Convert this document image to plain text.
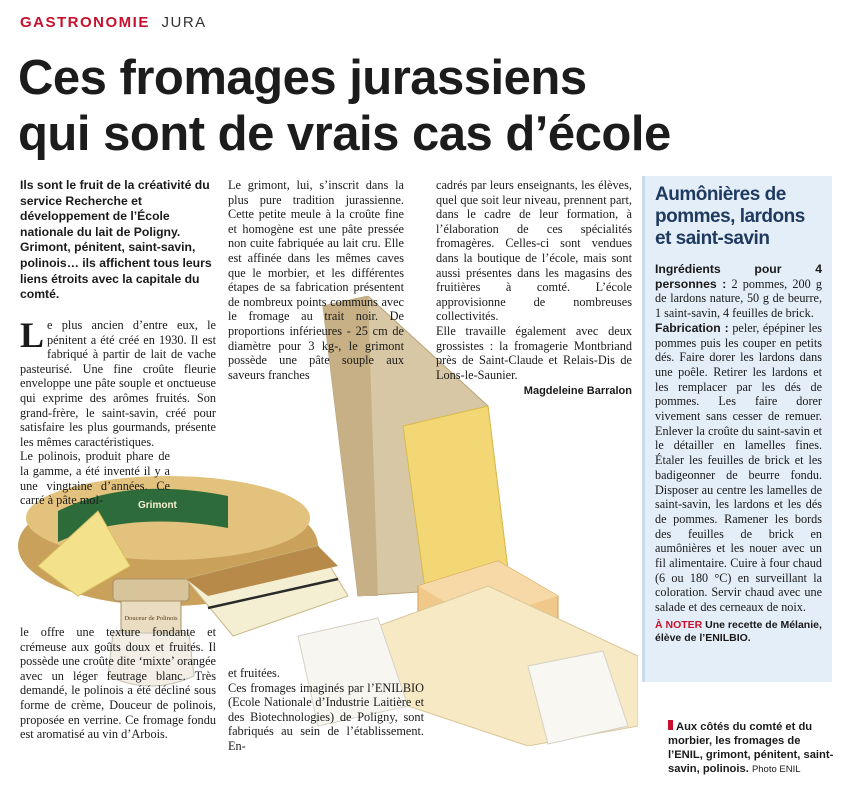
GASTRONOMIE JURA
Ces fromages jurassiens
qui sont de vrais cas d’école

Ils sont le fruit de la créativité du service Recherche et développement de l’École nationale du lait de Poligny. Grimont, pénitent, saint-savin, polinois… ils affichent tous leurs liens étroits avec la capitale du comté.

Grimont
Douceur de Polinois

Le plus ancien d’entre eux, le pénitent a été créé en 1930. Il est fabriqué à partir de lait de vache pasteurisé. Une fine croûte fleurie enveloppe une pâte souple et onctueuse qui exprime des arômes fruités. Son grand-frère, le saint-savin, créé pour satisfaire les plus gourmands, présente les mêmes caractéristiques.

Le polinois, produit phare de la gamme, a été inventé il y a une vingtaine d’années. Ce carré à pâte mol-

le offre une texture fondante et crémeuse aux goûts doux et fruités. Il possède une croûte dite ‘mixte’ orangée avec un léger feutrage blanc. Très demandé, le polinois a été décliné sous forme de crème, Douceur de polinois, proposée en verrine. Ce fromage fondu est aromatisé au vin d’Arbois.

Le grimont, lui, s’inscrit dans la plus pure tradition jurassienne. Cette petite meule à la croûte fine et homogène est une pâte pressée non cuite fabriquée au lait cru. Elle est affinée dans les mêmes caves que le morbier, et les différentes étapes de sa fabrication présentent de nombreux points communs avec le fromage au trait noir. De proportions inférieures - 25 cm de diamètre pour 3 kg-, le grimont possède une pâte souple aux saveurs franches

et fruitées.

Ces fromages imaginés par l’ENILBIO (Ecole Nationale d’Industrie Laitière et des Biotechnologies) de Poligny, sont fabriqués au sein de l’établissement. En-

cadrés par leurs enseignants, les élèves, quel que soit leur niveau, prennent part, dans le cadre de leur formation, à l’élaboration de ces spécialités fromagères. Celles-ci sont vendues dans la boutique de l’école, mais sont aussi présentes dans les magasins des fruitières à comté. L’école approvisionne de nombreuses collectivités.

Elle travaille également avec deux grossistes : la fromagerie Montbriand près de Saint-Claude et Relais-Dis de Lons-le-Saunier.

Magdeleine Barralon
Aumônières de pommes, lardons et saint-savin
Ingrédients pour 4 personnes : 2 pommes, 200 g de lardons nature, 50 g de beurre, 1 saint-savin, 4 feuilles de brick.
Fabrication : peler, épépiner les pommes puis les couper en petits dés. Faire dorer les lardons dans une poêle. Retirer les lardons et les remplacer par les dés de pommes. Les faire dorer vivement sans cesser de remuer. Enlever la croûte du saint-savin et le détailler en lamelles fines. Étaler les feuilles de brick et les badigeonner de beurre fondu. Disposer au centre les lamelles de saint-savin, les lardons et les dés de pommes. Ramener les bords des feuilles de brick en aumônières et les nouer avec un fil alimentaire. Cuire à four chaud (6 ou 180 °C) en surveillant la coloration. Servir chaud avec une salade et des cerneaux de noix.
À NOTER Une recette de Mélanie, élève de l’ENILBIO.
Aux côtés du comté et du morbier, les fromages de l’ENIL, grimont, pénitent, saint-savin, polinois. Photo ENIL
